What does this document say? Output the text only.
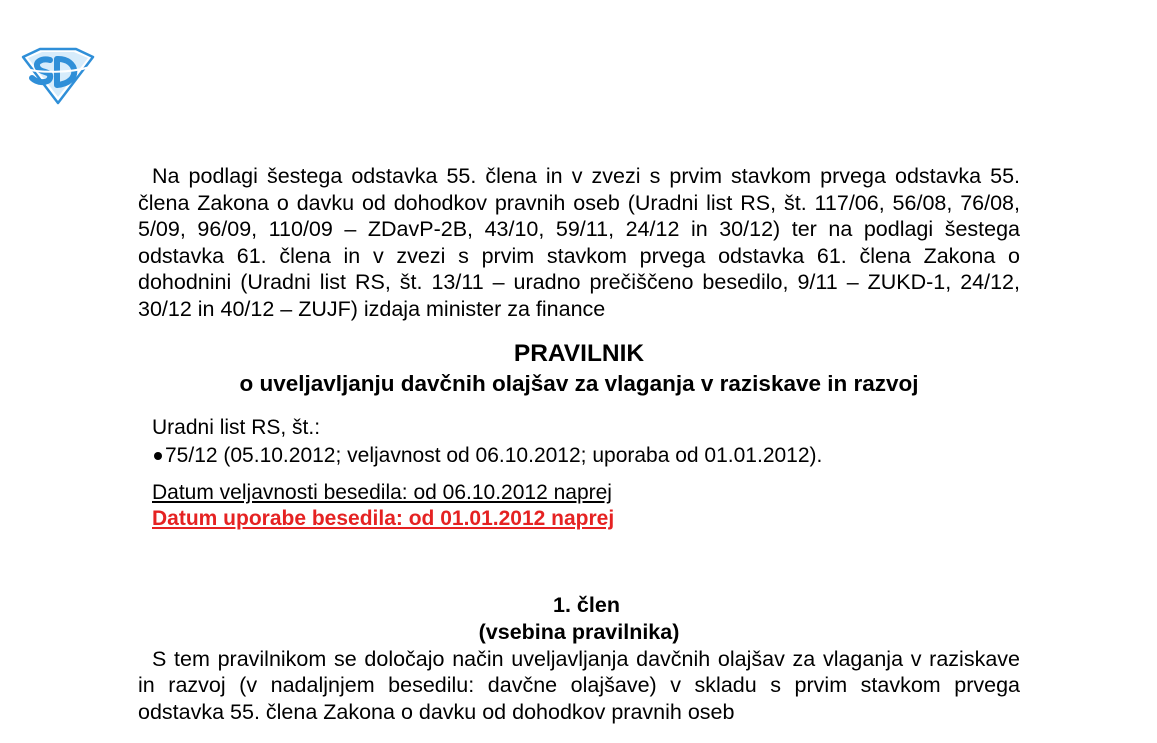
Na podlagi šestega odstavka 55. člena in v zvezi s prvim stavkom prvega odstavka 55. člena Zakona o davku od dohodkov pravnih oseb (Uradni list RS, št. 117/06, 56/08, 76/08, 5/09, 96/09, 110/09 – ZDavP-2B, 43/10, 59/11, 24/12 in 30/12) ter na podlagi šestega odstavka 61. člena in v zvezi s prvim stavkom prvega odstavka 61. člena Zakona o dohodnini (Uradni list RS, št. 13/11 – uradno prečiščeno besedilo, 9/11 – ZUKD-1, 24/12, 30/12 in 40/12 – ZUJF) izdaja minister za finance

PRAVILNIK
o uveljavljanju davčnih olajšav za vlaganja v raziskave in razvoj
Uradni list RS, št.:
75/12 (05.10.2012; veljavnost od 06.10.2012; uporaba od 01.01.2012).
Datum veljavnosti besedila: od 06.10.2012 naprej
Datum uporabe besedila: od 01.01.2012 naprej
1. člen
(vsebina pravilnika)

S tem pravilnikom se določajo način uveljavljanja davčnih olajšav za vlaganja v raziskave in razvoj (v nadaljnjem besedilu: davčne olajšave) v skladu s prvim stavkom prvega odstavka 55. člena Zakona o davku od dohodkov pravnih oseb
